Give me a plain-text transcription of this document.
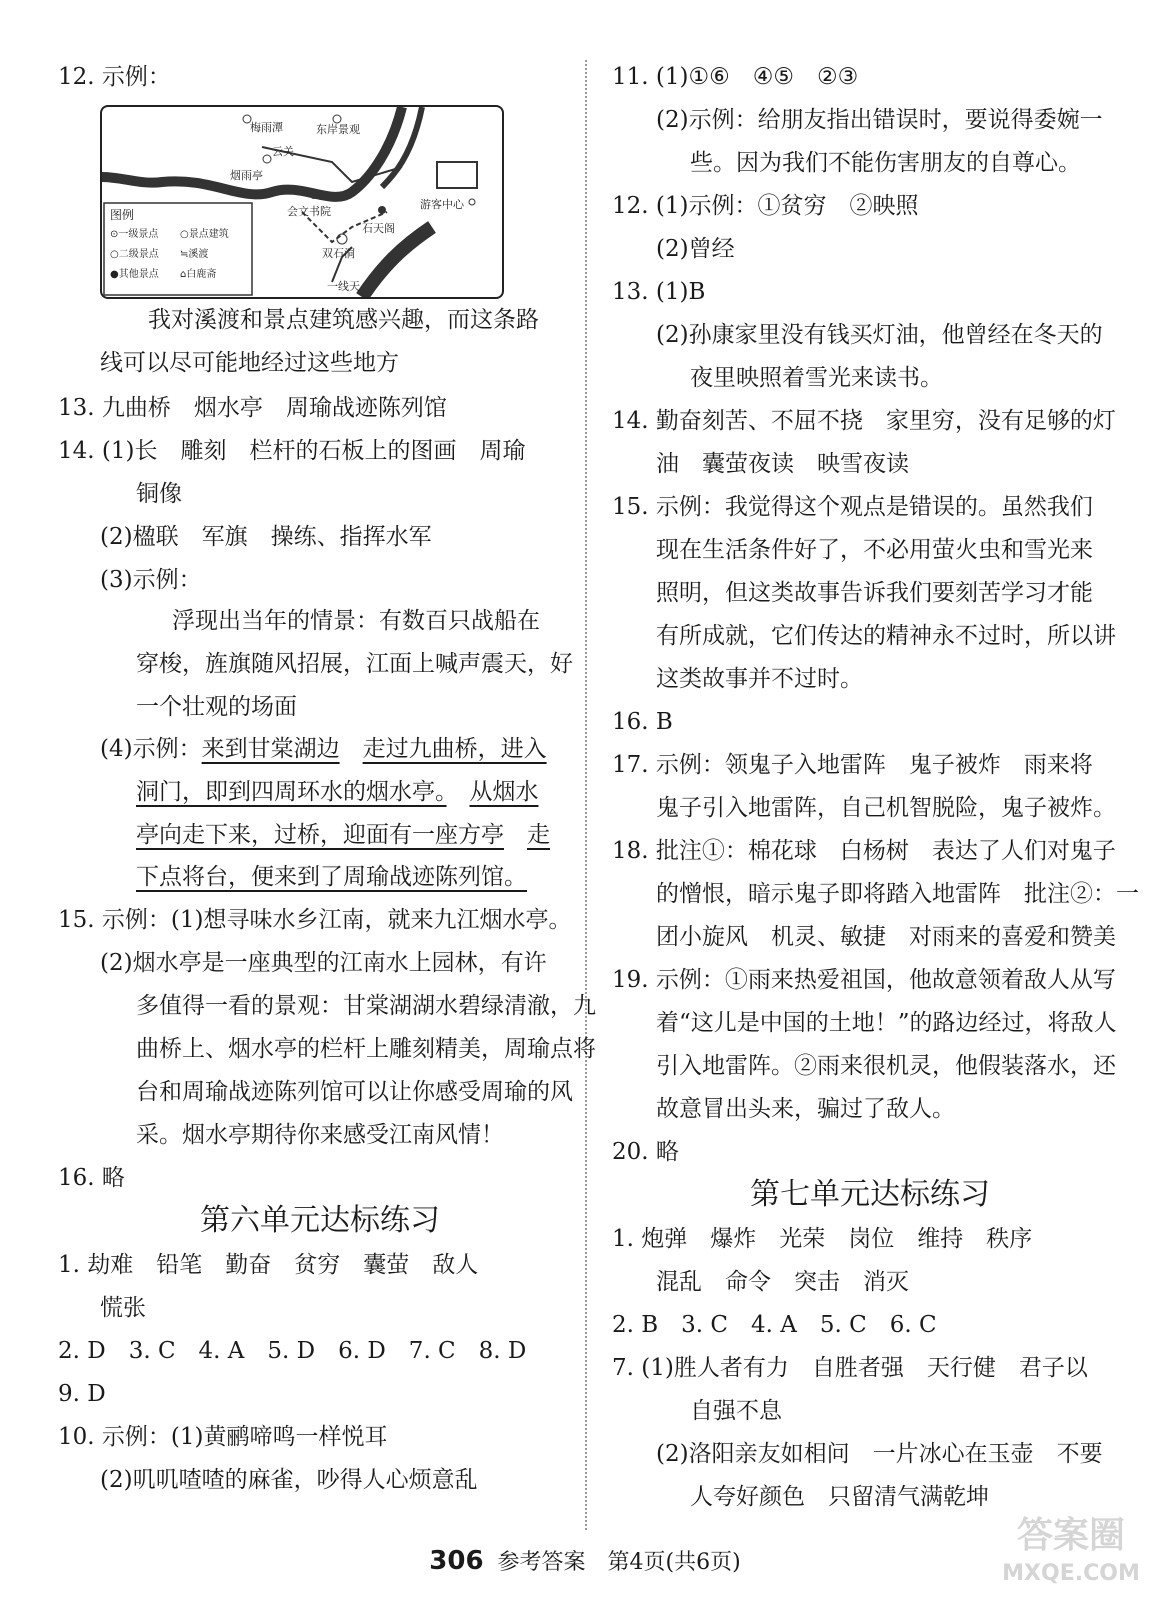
12. 示例：
梅雨潭	东岸景观
云关
烟雨亭
会文书院
石天阁
游客中心
双石洞
一线天
图例
⊙一级景点 ○景点建筑
○二级景点 ≒溪渡
●其他景点 ⌂白鹿斋
我对溪渡和景点建筑感兴趣，而这条路
线可以尽可能地经过这些地方
13. 九曲桥　烟水亭　周瑜战迹陈列馆
14. (1)长　雕刻　栏杆的石板上的图画　周瑜
铜像
(2)楹联　军旗　操练、指挥水军
(3)示例：
浮现出当年的情景：有数百只战船在
穿梭，旌旗随风招展，江面上喊声震天，好
一个壮观的场面
(4)示例：来到甘棠湖边　 走过九曲桥，进入
洞门，即到四周环水的烟水亭。　 从烟水
亭向走下来，过桥，迎面有一座方亭　 走
下点将台，便来到了周瑜战迹陈列馆。
15. 示例：(1)想寻味水乡江南，就来九江烟水亭。
(2)烟水亭是一座典型的江南水上园林，有许
多值得一看的景观：甘棠湖湖水碧绿清澈，九
曲桥上、烟水亭的栏杆上雕刻精美，周瑜点将
台和周瑜战迹陈列馆可以让你感受周瑜的风
采。烟水亭期待你来感受江南风情！
16. 略
第六单元达标练习
1. 劫难　铅笔　勤奋　贫穷　囊萤　敌人
慌张
2. D　3. C　4. A　5. D　6. D　7. C　8. D
9. D
10. 示例：(1)黄鹂啼鸣一样悦耳
(2)叽叽喳喳的麻雀，吵得人心烦意乱
11. (1)①⑥　④⑤　②③
(2)示例：给朋友指出错误时，要说得委婉一
些。因为我们不能伤害朋友的自尊心。
12. (1)示例：①贫穷　②映照
(2)曾经
13. (1)B
(2)孙康家里没有钱买灯油，他曾经在冬天的
夜里映照着雪光来读书。
14. 勤奋刻苦、不屈不挠　家里穷，没有足够的灯
油　囊萤夜读　映雪夜读
15. 示例：我觉得这个观点是错误的。虽然我们
现在生活条件好了，不必用萤火虫和雪光来
照明，但这类故事告诉我们要刻苦学习才能
有所成就，它们传达的精神永不过时，所以讲
这类故事并不过时。
16. B
17. 示例：领鬼子入地雷阵　鬼子被炸　雨来将
鬼子引入地雷阵，自己机智脱险，鬼子被炸。
18. 批注①：棉花球　白杨树　表达了人们对鬼子
的憎恨，暗示鬼子即将踏入地雷阵　批注②：一
团小旋风　机灵、敏捷　对雨来的喜爱和赞美
19. 示例：①雨来热爱祖国，他故意领着敌人从写
着“这儿是中国的土地！”的路边经过，将敌人
引入地雷阵。②雨来很机灵，他假装落水，还
故意冒出头来，骗过了敌人。
20. 略
第七单元达标练习
1. 炮弹　爆炸　光荣　岗位　维持　秩序
混乱　命令　突击　消灭
2. B　3. C　4. A　5. C　6. C
7. (1)胜人者有力　自胜者强　天行健　君子以
自强不息
(2)洛阳亲友如相问　一片冰心在玉壶　不要
人夸好颜色　只留清气满乾坤
306 参考答案　第4页(共6页)
答案圈
MXQE.COM
